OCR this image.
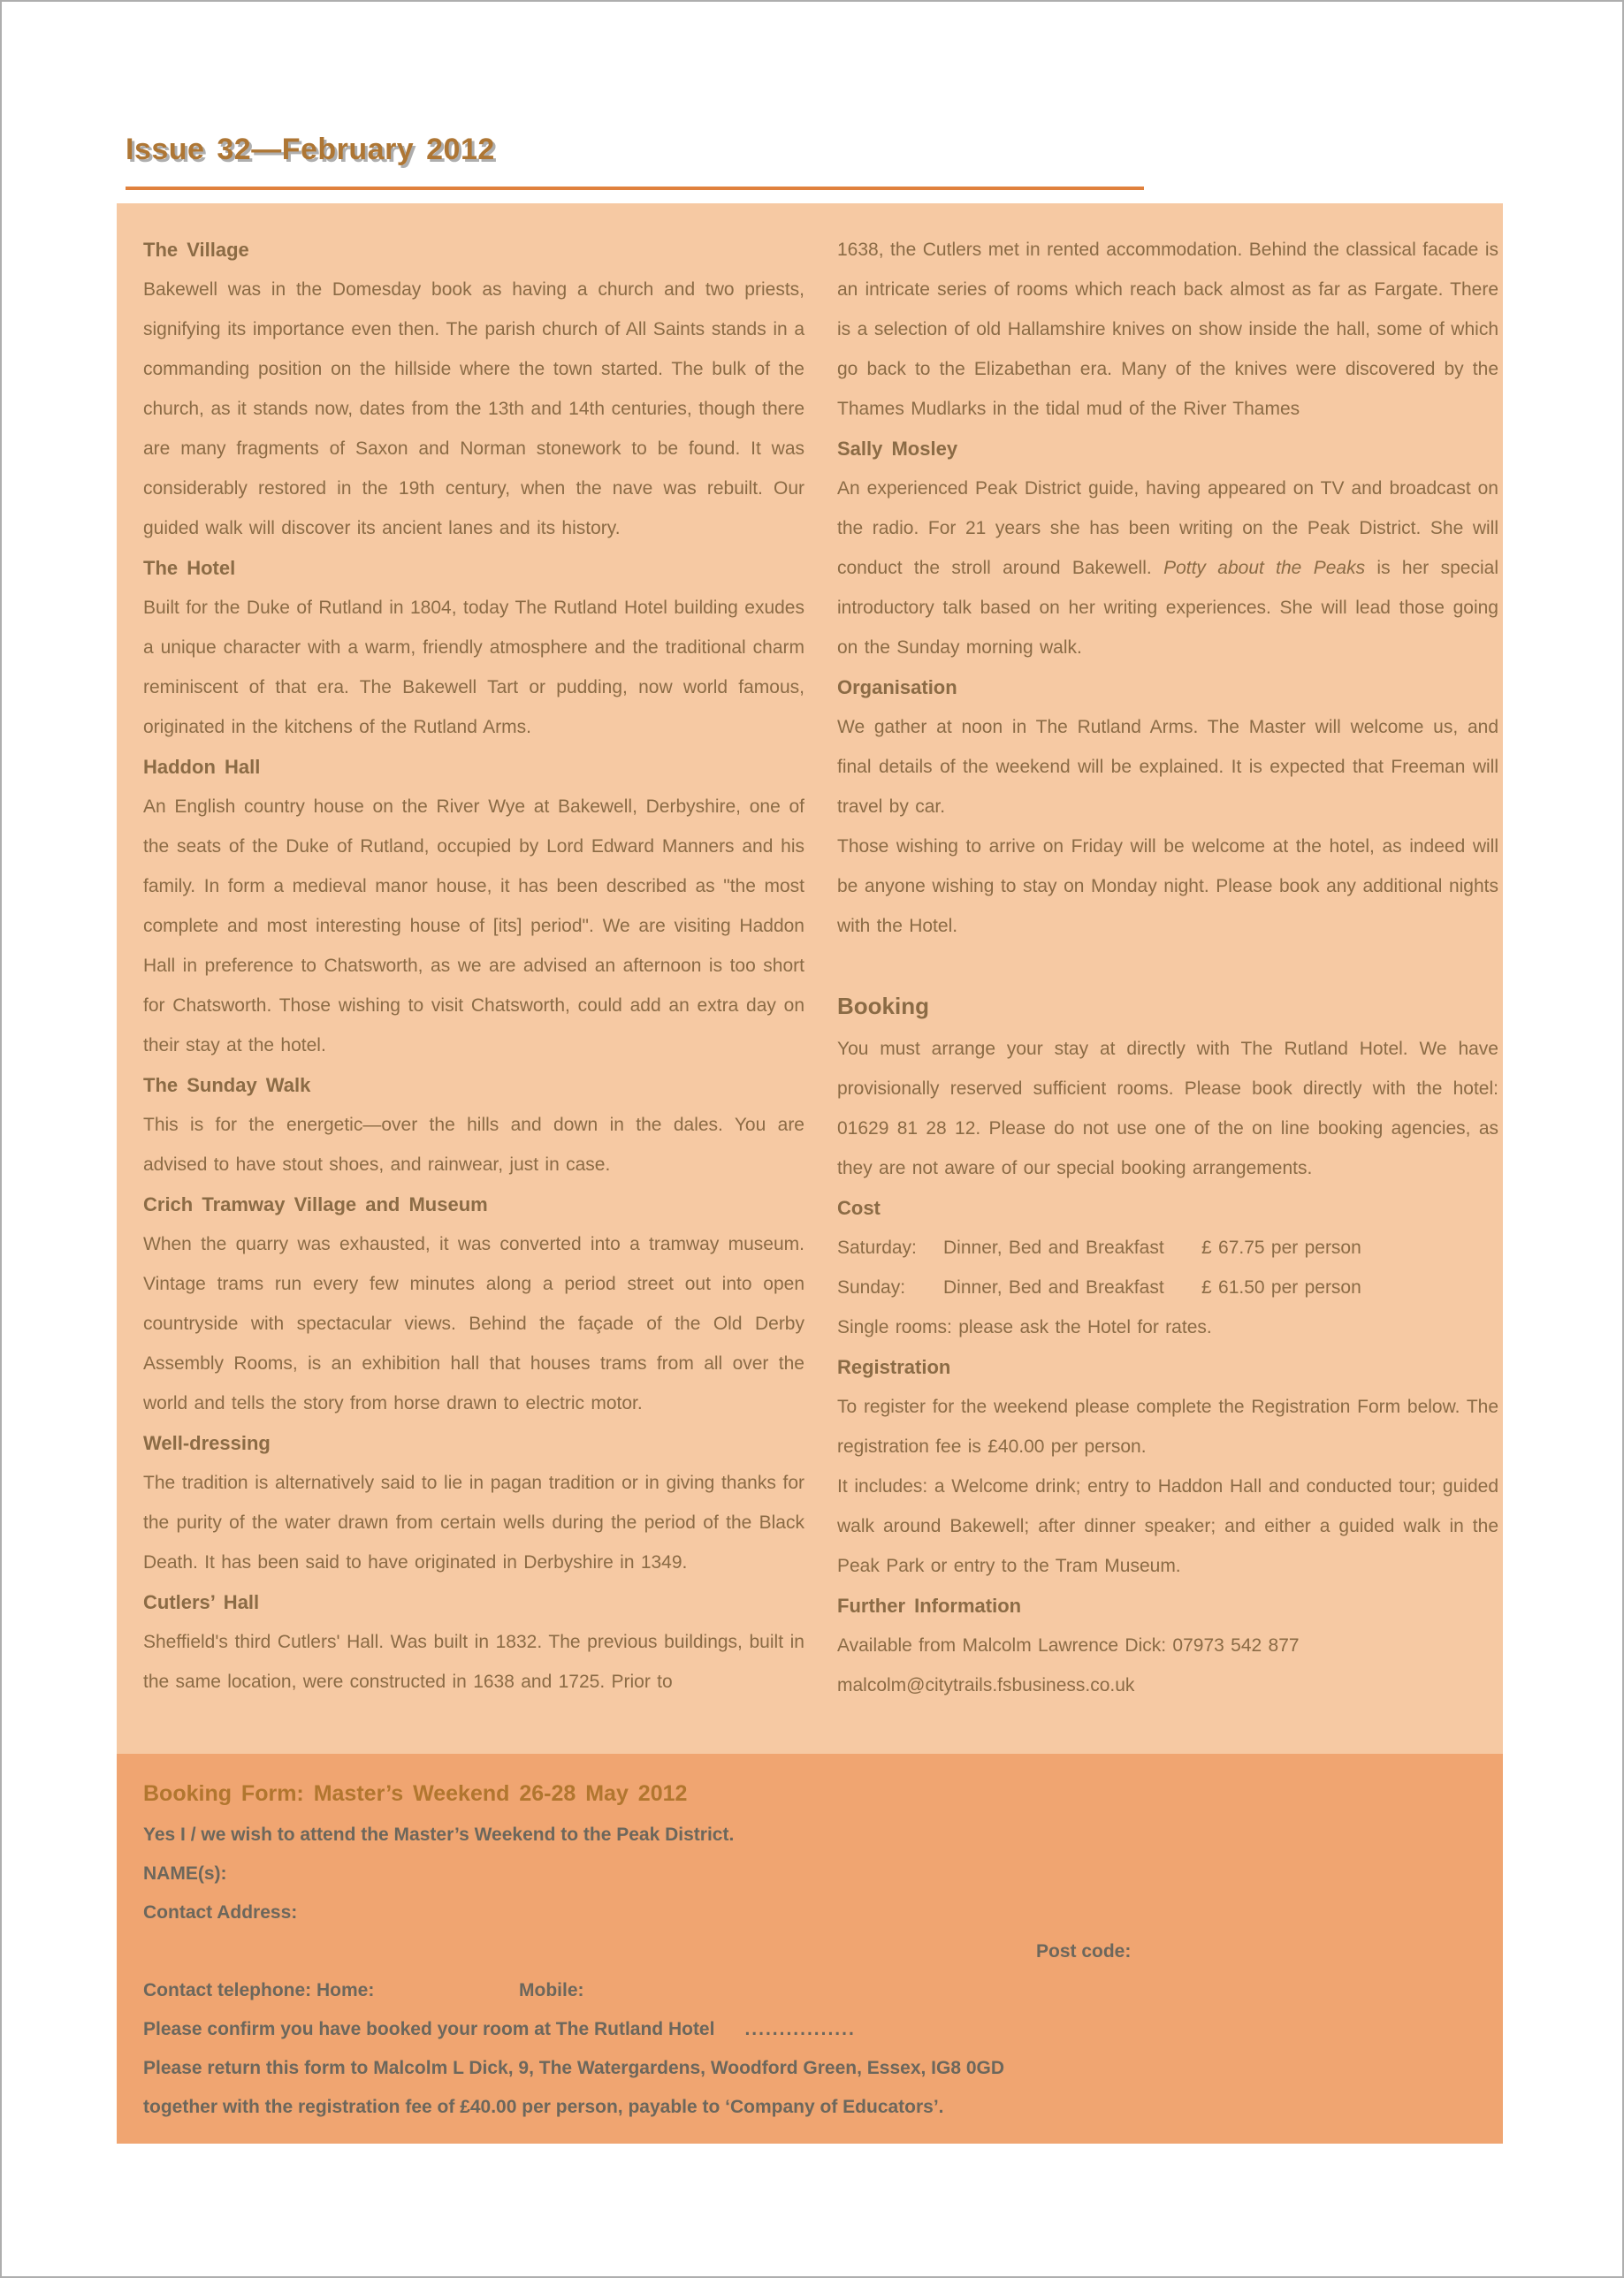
Issue 32—February 2012
The Village

Bakewell was in the Domesday book as having a church and two priests, signifying its importance even then. The parish church of All Saints stands in a commanding position on the hillside where the town started. The bulk of the church, as it stands now, dates from the 13th and 14th centuries, though there are many fragments of Saxon and Norman stonework to be found. It was considerably restored in the 19th century, when the nave was rebuilt. Our guided walk will discover its ancient lanes and its history.

The Hotel

Built for the Duke of Rutland in 1804, today The Rutland Hotel building exudes a unique character with a warm, friendly atmosphere and the traditional charm reminiscent of that era. The Bakewell Tart or pudding, now world famous, originated in the kitchens of the Rutland Arms.

Haddon Hall

An English country house on the River Wye at Bakewell, Derbyshire, one of the seats of the Duke of Rutland, occupied by Lord Edward Manners and his family. In form a medieval manor house, it has been described as "the most complete and most interesting house of [its] period". We are visiting Haddon Hall in preference to Chatsworth, as we are advised an afternoon is too short for Chatsworth. Those wishing to visit Chatsworth, could add an extra day on their stay at the hotel.

The Sunday Walk

This is for the energetic—over the hills and down in the dales. You are advised to have stout shoes, and rainwear, just in case.

Crich Tramway Village and Museum

When the quarry was exhausted, it was converted into a tramway museum. Vintage trams run every few minutes along a period street out into open countryside with spectacular views. Behind the façade of the Old Derby Assembly Rooms, is an exhibition hall that houses trams from all over the world and tells the story from horse drawn to electric motor.

Well-dressing

The tradition is alternatively said to lie in pagan tradition or in giving thanks for the purity of the water drawn from certain wells during the period of the Black Death. It has been said to have originated in Derbyshire in 1349.

Cutlers’ Hall

Sheffield's third Cutlers' Hall. Was built in 1832. The previous buildings, built in the same location, were constructed in 1638 and 1725. Prior to

1638, the Cutlers met in rented accommodation. Behind the classical facade is an intricate series of rooms which reach back almost as far as Fargate. There is a selection of old Hallamshire knives on show inside the hall, some of which go back to the Elizabethan era. Many of the knives were discovered by the Thames Mudlarks in the tidal mud of the River Thames

Sally Mosley

An experienced Peak District guide, having appeared on TV and broadcast on the radio. For 21 years she has been writing on the Peak District. She will conduct the stroll around Bakewell. Potty about the Peaks is her special introductory talk based on her writing experiences. She will lead those going on the Sunday morning walk.

Organisation

We gather at noon in The Rutland Arms. The Master will welcome us, and final details of the weekend will be explained. It is expected that Freeman will travel by car.

Those wishing to arrive on Friday will be welcome at the hotel, as indeed will be anyone wishing to stay on Monday night. Please book any additional nights with the Hotel.

Booking

You must arrange your stay at directly with The Rutland Hotel. We have provisionally reserved sufficient rooms. Please book directly with the hotel: 01629 81 28 12. Please do not use one of the on line booking agencies, as they are not aware of our special booking arrangements.

Cost

Saturday: Dinner, Bed and Breakfast £ 67.75 per person

Sunday: Dinner, Bed and Breakfast £ 61.50 per person

Single rooms: please ask the Hotel for rates.

Registration

To register for the weekend please complete the Registration Form below. The registration fee is £40.00 per person.

It includes: a Welcome drink; entry to Haddon Hall and conducted tour; guided walk around Bakewell; after dinner speaker; and either a guided walk in the Peak Park or entry to the Tram Museum.

Further Information

Available from Malcolm Lawrence Dick: 07973 542 877

malcolm@citytrails.fsbusiness.co.uk

Booking Form: Master’s Weekend 26-28 May 2012

Yes I / we wish to attend the Master’s Weekend to the Peak District.

NAME(s):

Contact Address:

Post code:

Contact telephone: Home:	Mobile:

Please confirm you have booked your room at The Rutland Hotel ................

Please return this form to Malcolm L Dick, 9, The Watergardens, Woodford Green, Essex, IG8 0GD

together with the registration fee of £40.00 per person, payable to ‘Company of Educators’.
